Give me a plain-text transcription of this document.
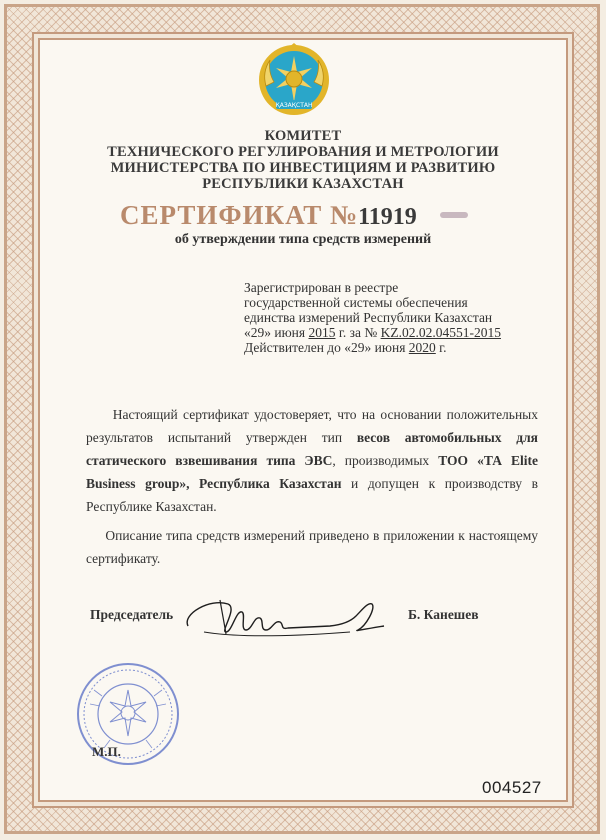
ҚАЗАҚСТАН
КОМИТЕТ
ТЕХНИЧЕСКОГО РЕГУЛИРОВАНИЯ И МЕТРОЛОГИИ
МИНИСТЕРСТВА ПО ИНВЕСТИЦИЯМ И РАЗВИТИЮ
РЕСПУБЛИКИ КАЗАХСТАН
СЕРТИФИКАТ №11919
об утверждении типа средств измерений
Зарегистрирован в реестре
государственной системы обеспечения
единства измерений Республики Казахстан
«29» июня 2015 г. за № KZ.02.02.04551-2015
Действителен до «29» июня 2020 г.

Настоящий сертификат удостоверяет, что на основании положительных результатов испытаний утвержден тип весов автомобильных для статического взвешивания типа ЭВС, производимых ТОО «ТА Elite Business group», Республика Казахстан и допущен к производству в Республике Казахстан.

Описание типа средств измерений приведено в приложении к настоящему сертификату.

Председатель	Б. Канешев
М.П.
004527
